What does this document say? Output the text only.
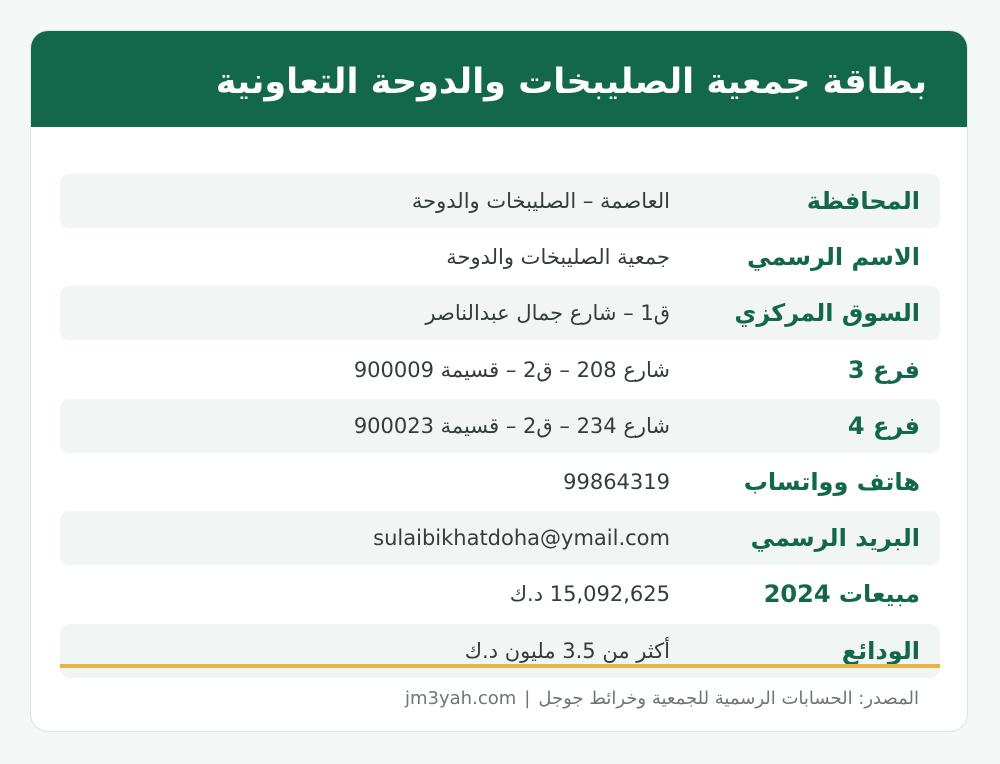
بطاقة جمعية الصليبخات والدوحة التعاونية
المحافظة
العاصمة – الصليبخات والدوحة
الاسم الرسمي
جمعية الصليبخات والدوحة
السوق المركزي
ق1 – شارع جمال عبدالناصر
فرع 3
شارع 208 – ق2 – قسيمة 900009
فرع 4
شارع 234 – ق2 – قسيمة 900023
هاتف وواتساب
99864319
البريد الرسمي
sulaibikhatdoha@ymail.com
مبيعات 2024
15,092,625 د.ك
الودائع
أكثر من 3.5 مليون د.ك
المصدر: الحسابات الرسمية للجمعية وخرائط جوجل|jm3yah.com
